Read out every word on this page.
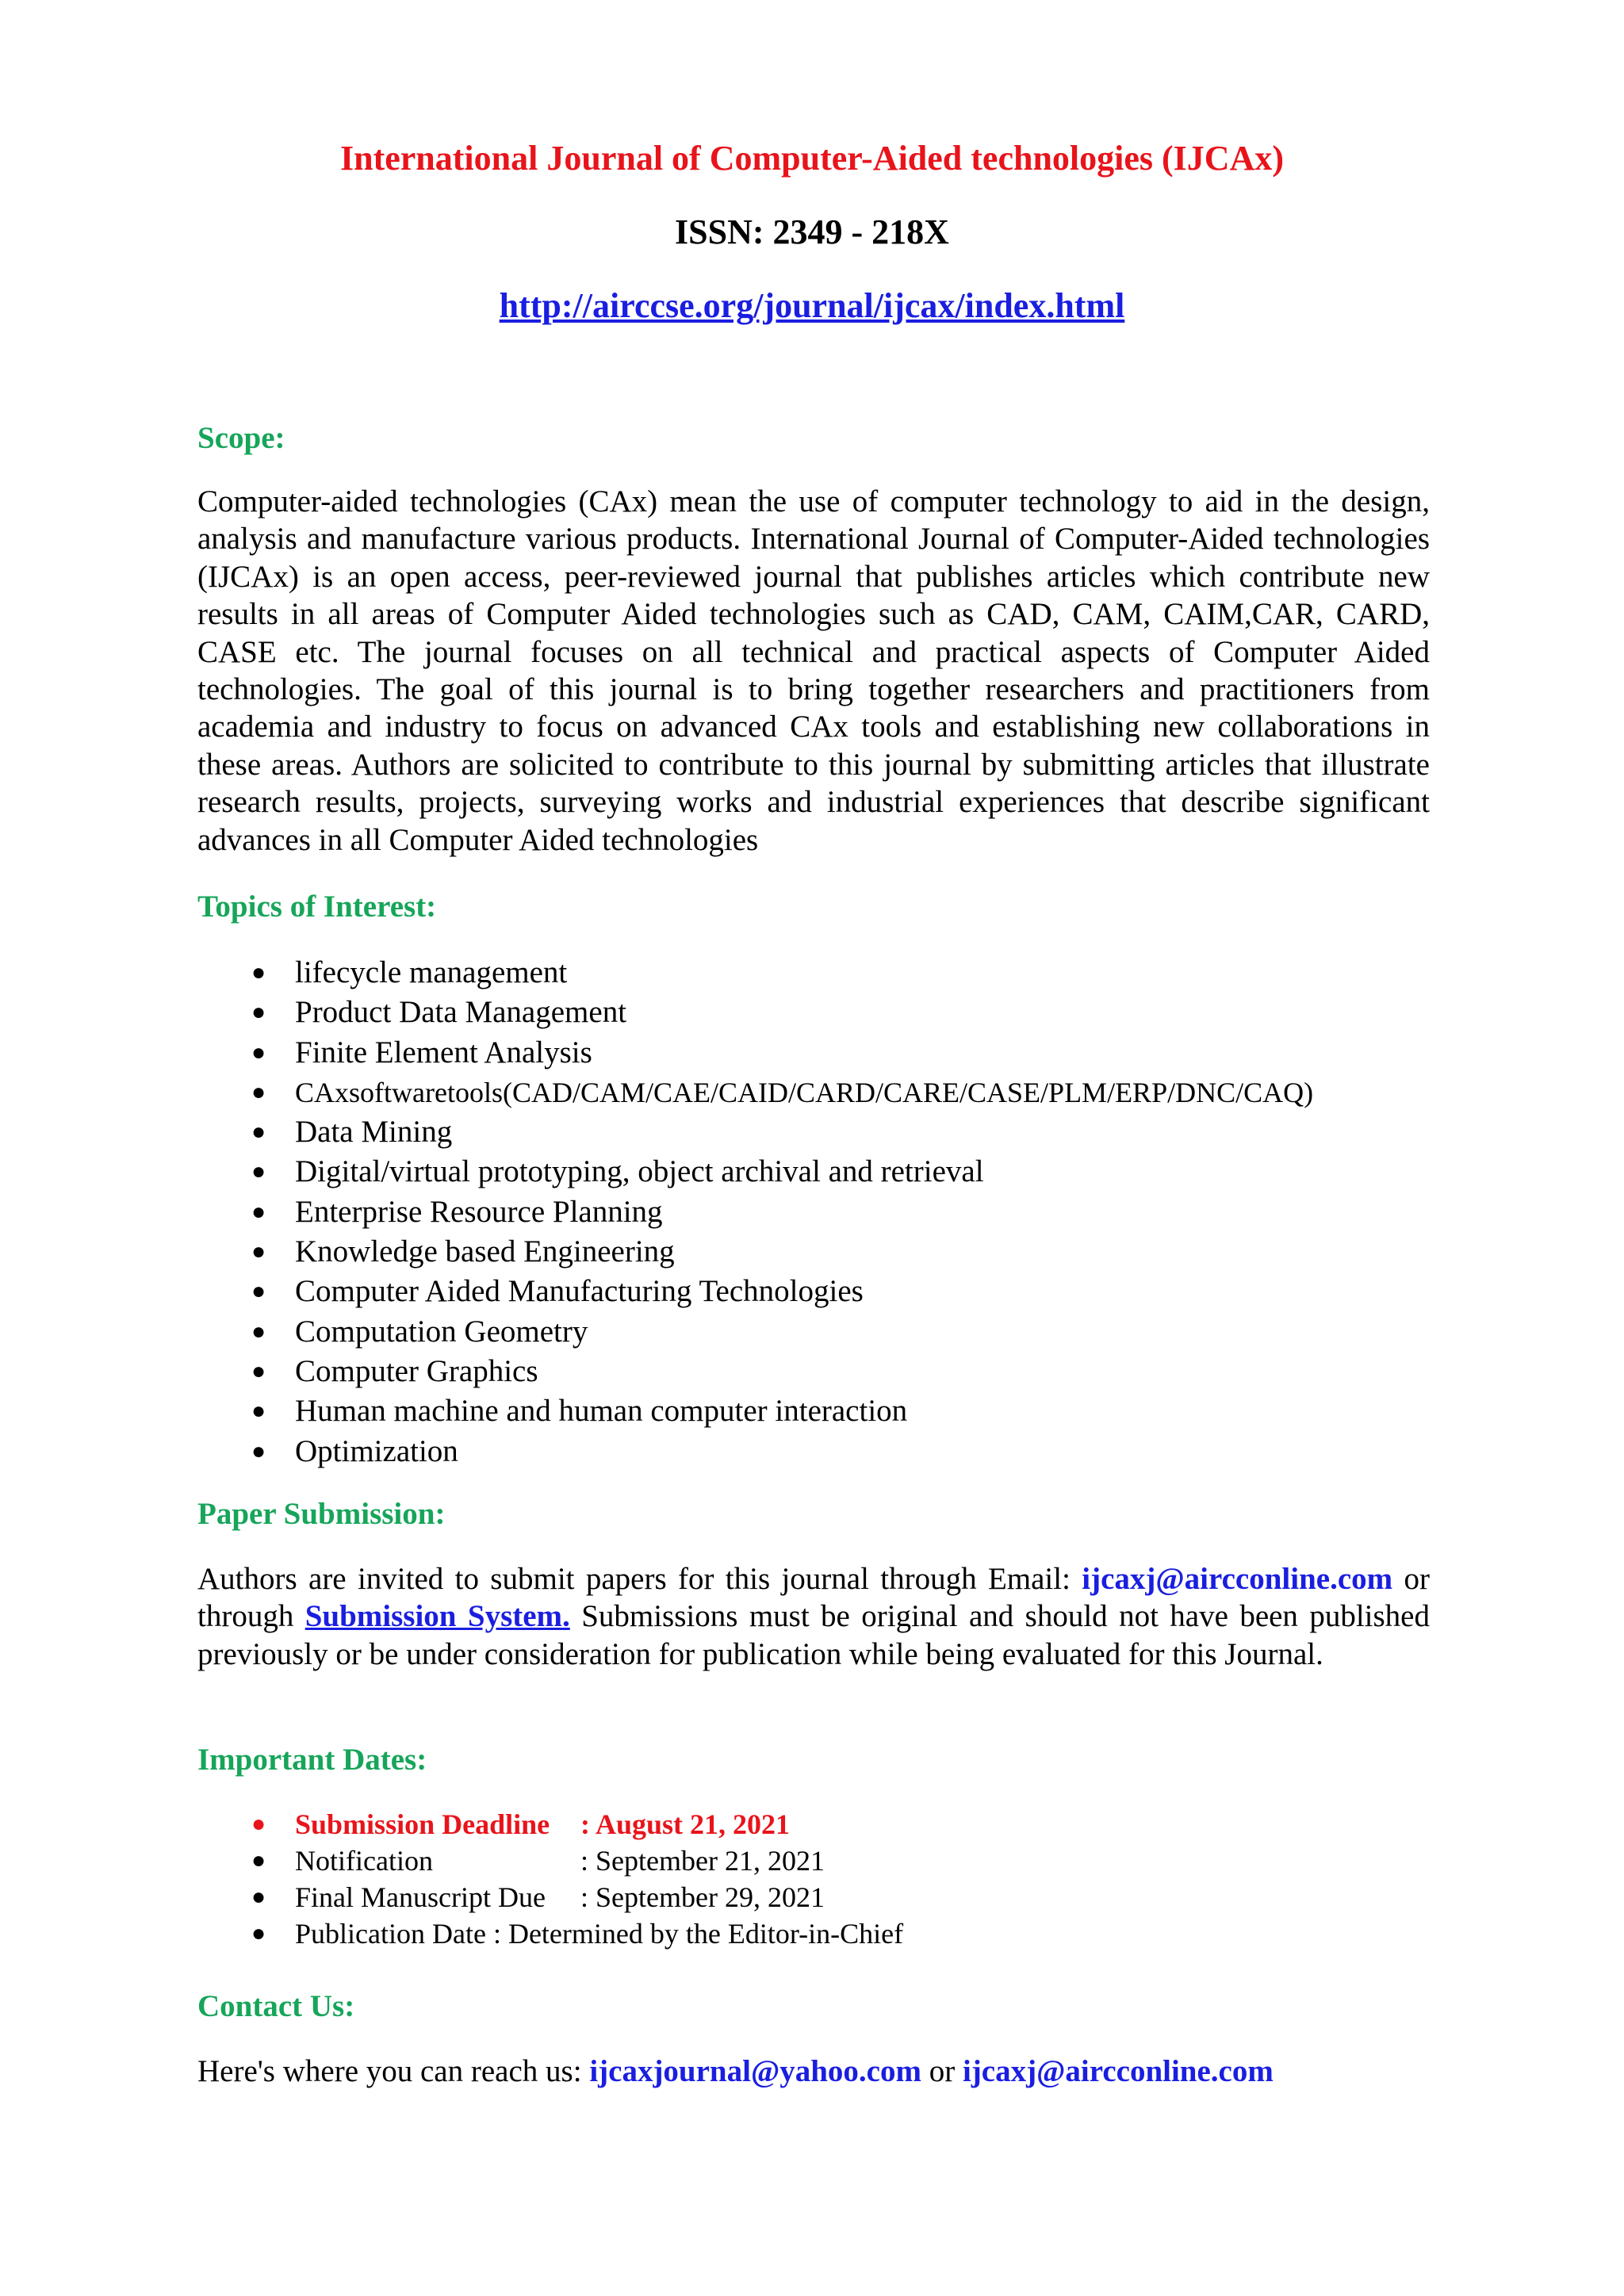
International Journal of Computer-Aided technologies (IJCAx)
ISSN: 2349 - 218X
http://airccse.org/journal/ijcax/index.html
Scope:
Computer-aided technologies (CAx) mean the use of computer technology to aid in the design, analysis and manufacture various products. International Journal of Computer-Aided technologies (IJCAx) is an open access, peer-reviewed journal that publishes articles which contribute new results in all areas of Computer Aided technologies such as CAD, CAM, CAIM,CAR, CARD, CASE etc. The journal focuses on all technical and practical aspects of Computer Aided technologies. The goal of this journal is to bring together researchers and practitioners from academia and industry to focus on advanced CAx tools and establishing new collaborations in these areas. Authors are solicited to contribute to this journal by submitting articles that illustrate research results, projects, surveying works and industrial experiences that describe significant advances in all Computer Aided technologies
Topics of Interest:
● lifecycle management
● Product Data Management
● Finite Element Analysis
● CAxsoftwaretools(CAD/CAM/CAE/CAID/CARD/CARE/CASE/PLM/ERP/DNC/CAQ)
● Data Mining
● Digital/virtual prototyping, object archival and retrieval
● Enterprise Resource Planning
● Knowledge based Engineering
● Computer Aided Manufacturing Technologies
● Computation Geometry
● Computer Graphics
● Human machine and human computer interaction
● Optimization
Paper Submission:
Authors are invited to submit papers for this journal through Email: ijcaxj@aircconline.com or through Submission System. Submissions must be original and should not have been published previously or be under consideration for publication while being evaluated for this Journal.
Important Dates:
● Submission Deadline : August 21, 2021
● Notification	: September 21, 2021
● Final Manuscript Due : September 29, 2021
● Publication Date : Determined by the Editor-in-Chief
Contact Us:
Here's where you can reach us: ijcaxjournal@yahoo.com or ijcaxj@aircconline.com
